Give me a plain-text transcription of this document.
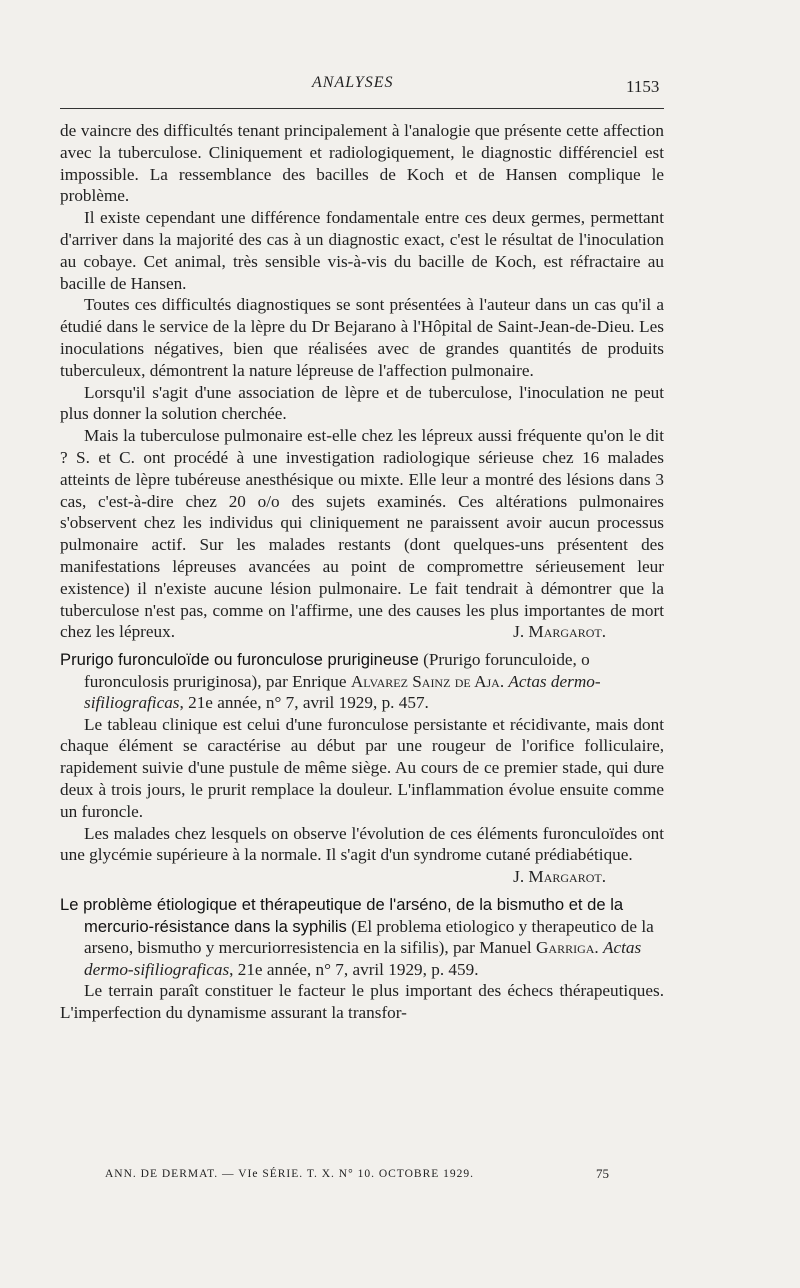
ANALYSES	1153

de vaincre des difficultés tenant principalement à l'analogie que présente cette affection avec la tuberculose. Cliniquement et radiologiquement, le diagnostic différenciel est impossible. La ressemblance des bacilles de Koch et de Hansen complique le problème.

Il existe cependant une différence fondamentale entre ces deux germes, permettant d'arriver dans la majorité des cas à un diagnostic exact, c'est le résultat de l'inoculation au cobaye. Cet animal, très sensible vis-à-vis du bacille de Koch, est réfractaire au bacille de Hansen.

Toutes ces difficultés diagnostiques se sont présentées à l'auteur dans un cas qu'il a étudié dans le service de la lèpre du Dr Bejarano à l'Hôpital de Saint-Jean-de-Dieu. Les inoculations négatives, bien que réalisées avec de grandes quantités de produits tuberculeux, démontrent la nature lépreuse de l'affection pulmonaire.

Lorsqu'il s'agit d'une association de lèpre et de tuberculose, l'inoculation ne peut plus donner la solution cherchée.

Mais la tuberculose pulmonaire est-elle chez les lépreux aussi fréquente qu'on le dit ? S. et C. ont procédé à une investigation radiologique sérieuse chez 16 malades atteints de lèpre tubéreuse anesthésique ou mixte. Elle leur a montré des lésions dans 3 cas, c'est-à-dire chez 20 o/o des sujets examinés. Ces altérations pulmonaires s'observent chez les individus qui cliniquement ne paraissent avoir aucun processus pulmonaire actif. Sur les malades restants (dont quelques-uns présentent des manifestations lépreuses avancées au point de compromettre sérieusement leur existence) il n'existe aucune lésion pulmonaire. Le fait tendrait à démontrer que la tuberculose n'est pas, comme on l'affirme, une des causes les plus importantes de mort chez les lépreux.	J. Margarot.

Prurigo furonculoïde ou furonculose prurigineuse (Prurigo forunculoide, o furonculosis pruriginosa), par Enrique Alvarez Sainz de Aja. Actas dermo-sifiliograficas, 21e année, n° 7, avril 1929, p. 457.

Le tableau clinique est celui d'une furonculose persistante et récidivante, mais dont chaque élément se caractérise au début par une rougeur de l'orifice folliculaire, rapidement suivie d'une pustule de même siège. Au cours de ce premier stade, qui dure deux à trois jours, le prurit remplace la douleur. L'inflammation évolue ensuite comme un furoncle.

Les malades chez lesquels on observe l'évolution de ces éléments furonculoïdes ont une glycémie supérieure à la normale. Il s'agit d'un syndrome cutané prédiabétique.
J. Margarot.

Le problème étiologique et thérapeutique de l'arséno, de la bismutho et de la mercurio-résistance dans la syphilis (El problema etiologico y therapeutico de la arseno, bismutho y mercuriorresistencia en la sifilis), par Manuel Garriga. Actas dermo-sifiliograficas, 21e année, n° 7, avril 1929, p. 459.

Le terrain paraît constituer le facteur le plus important des échecs thérapeutiques. L'imperfection du dynamisme assurant la transfor-

ANN. DE DERMAT. — VIe SÉRIE. T. X. N° 10. OCTOBRE 1929.	75
